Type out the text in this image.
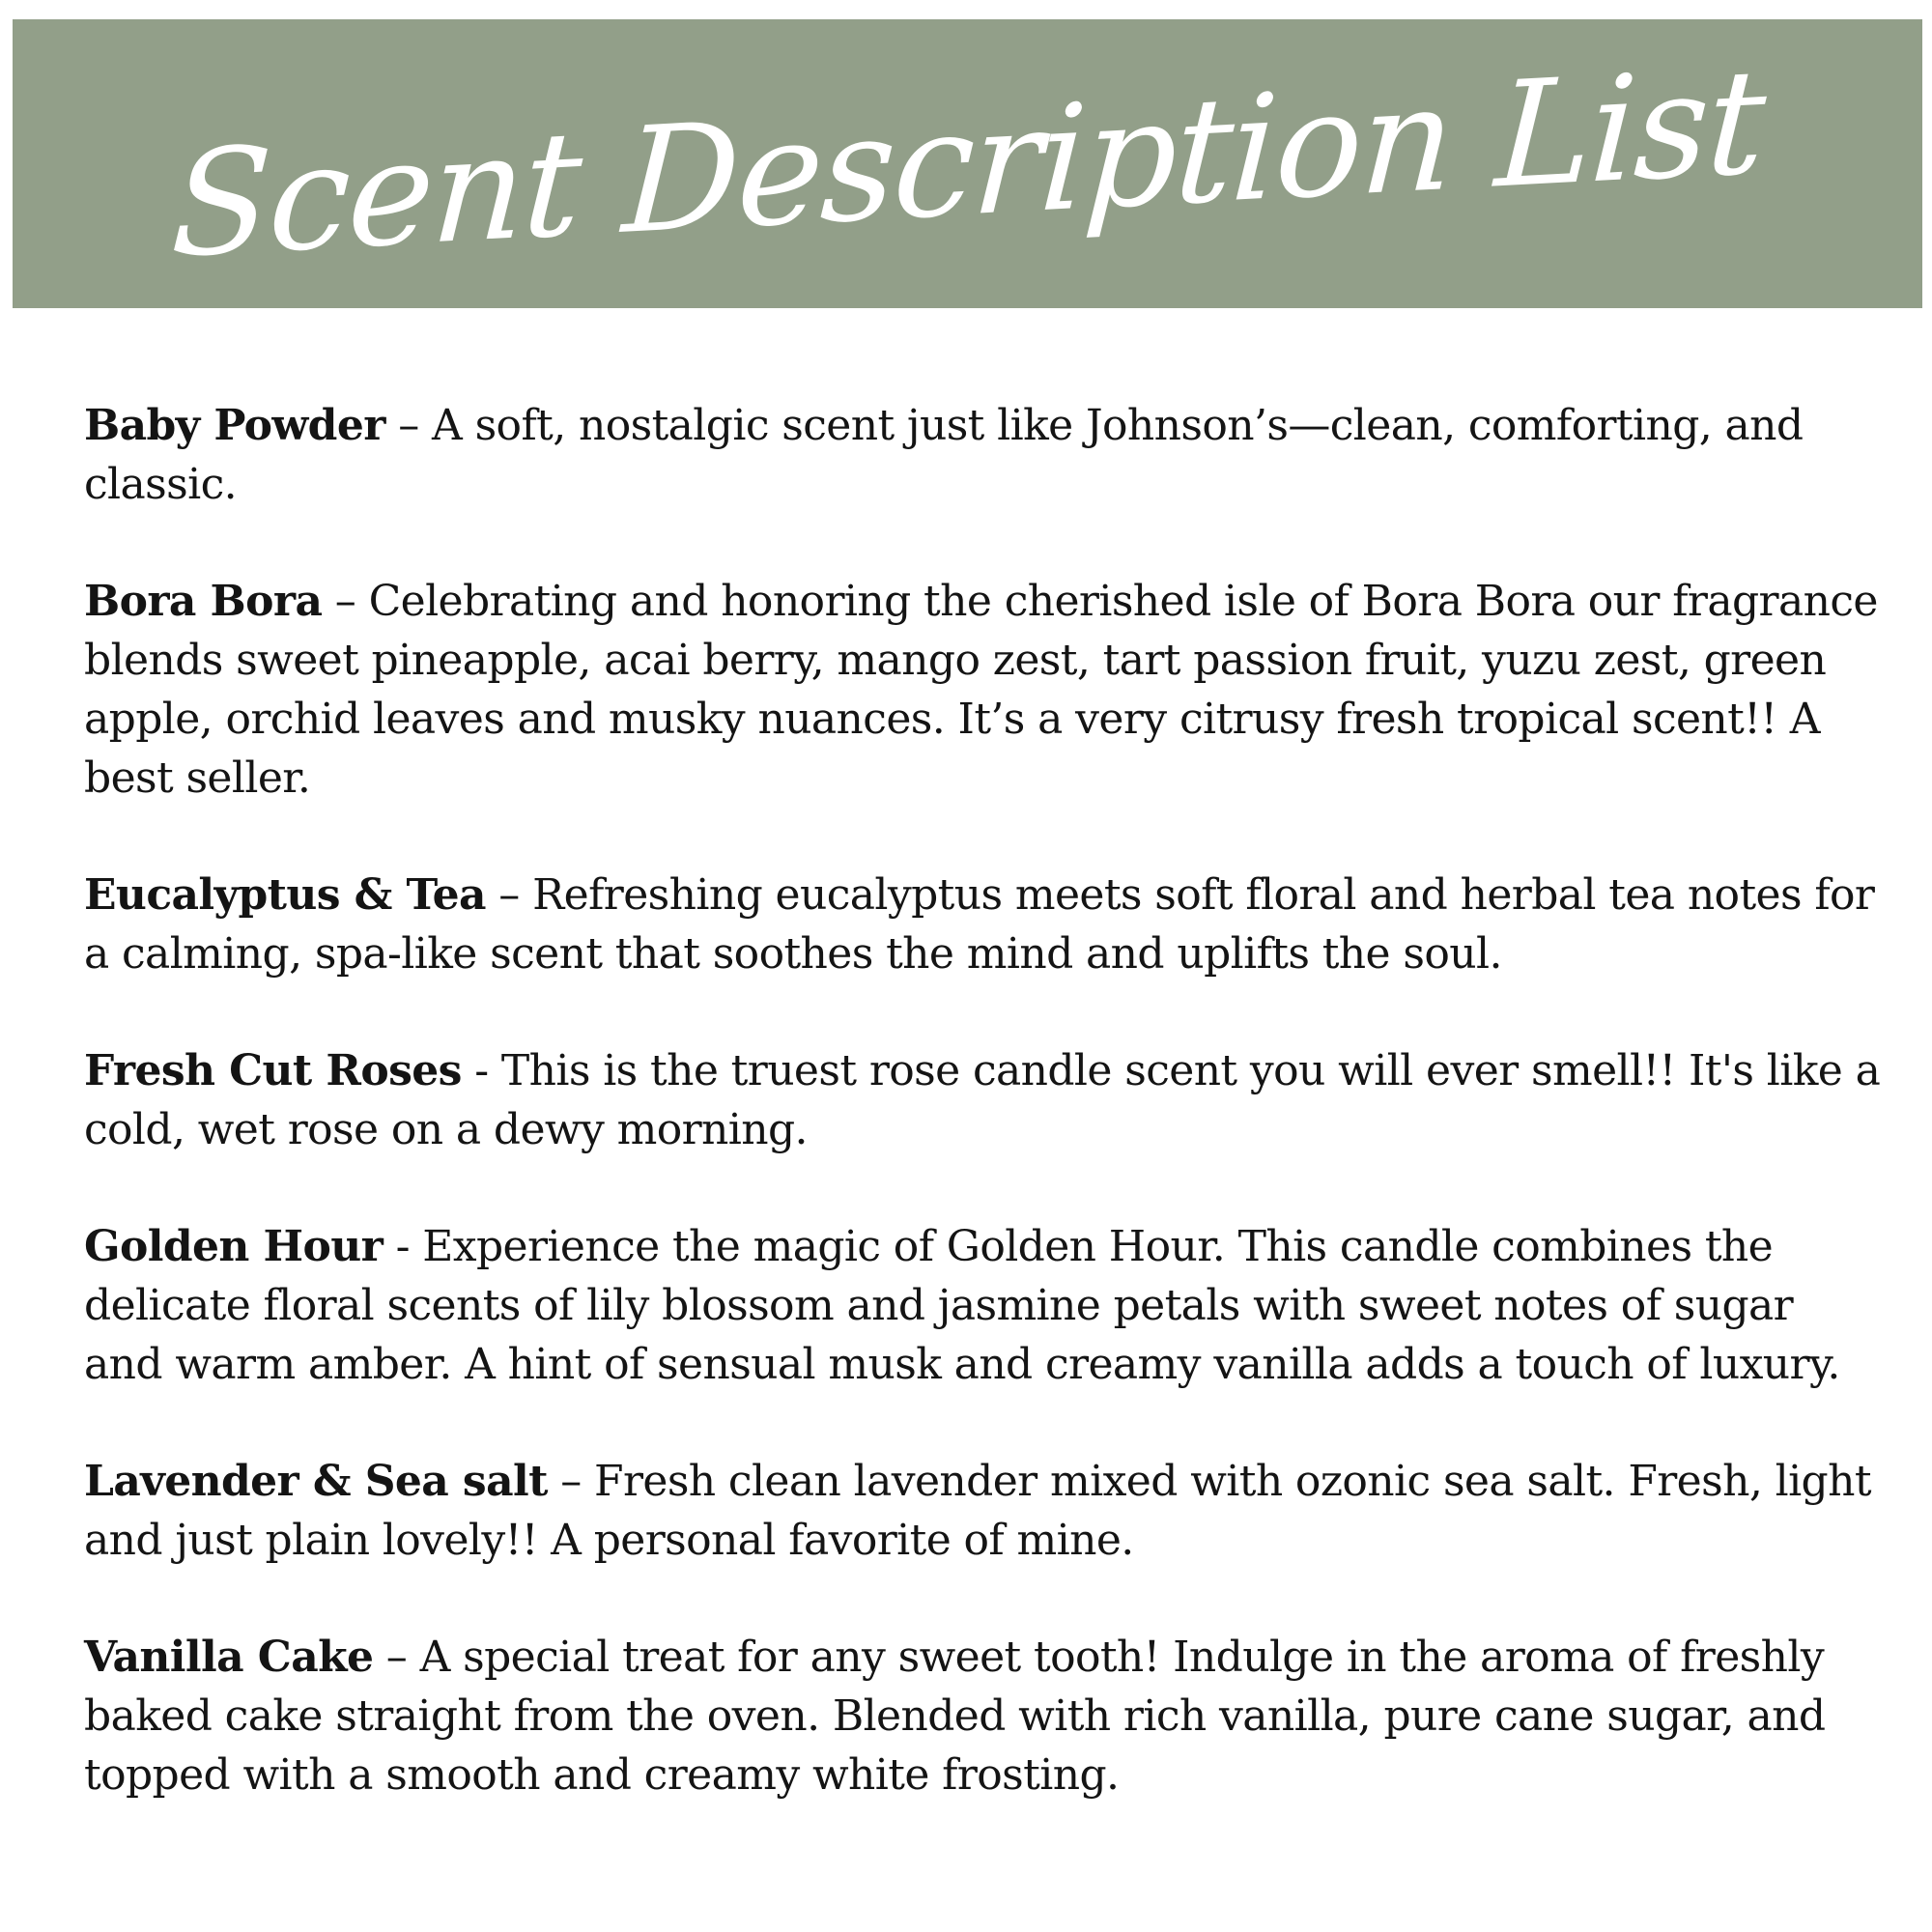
Scent Description List

Baby Powder – A soft, nostalgic scent just like Johnson’s—clean, comforting, and classic.

Bora Bora – Celebrating and honoring the cherished isle of Bora Bora our fragrance blends sweet pineapple, acai berry, mango zest, tart passion fruit, yuzu zest, green apple, orchid leaves and musky nuances. It’s a very citrusy fresh tropical scent!! A best seller.

Eucalyptus & Tea – Refreshing eucalyptus meets soft floral and herbal tea notes for a calming, spa-like scent that soothes the mind and uplifts the soul.

Fresh Cut Roses - This is the truest rose candle scent you will ever smell!! It's like a cold, wet rose on a dewy morning.

Golden Hour - Experience the magic of Golden Hour. This candle combines the delicate floral scents of lily blossom and jasmine petals with sweet notes of sugar and warm amber. A hint of sensual musk and creamy vanilla adds a touch of luxury.

Lavender & Sea salt – Fresh clean lavender mixed with ozonic sea salt. Fresh, light and just plain lovely!! A personal favorite of mine.

Vanilla Cake – A special treat for any sweet tooth! Indulge in the aroma of freshly baked cake straight from the oven. Blended with rich vanilla, pure cane sugar, and topped with a smooth and creamy white frosting.
